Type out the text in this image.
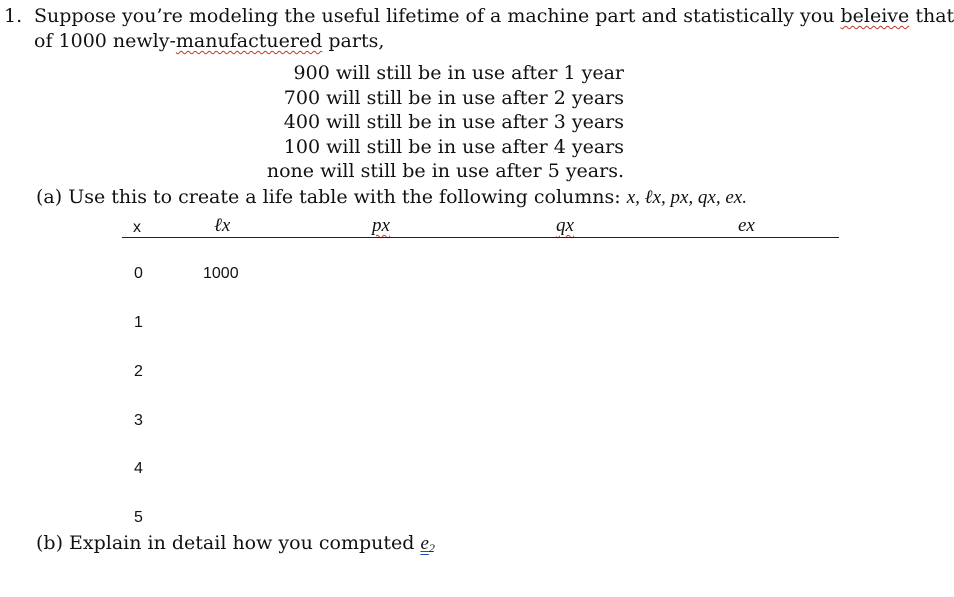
1. Suppose you’re modeling the useful lifetime of a machine part and statistically you beleive that
of 1000 newly-manufactuered parts,
900 will still be in use after 1 year
700 will still be in use after 2 years
400 will still be in use after 3 years
100 will still be in use after 4 years
none will still be in use after 5 years.
(a) Use this to create a life table with the following columns: x, ℓx, px, qx, ex.
x	ℓx	px	qx	ex
0	1000
1
2
3
4
5
(b) Explain in detail how you computed $e_2$
